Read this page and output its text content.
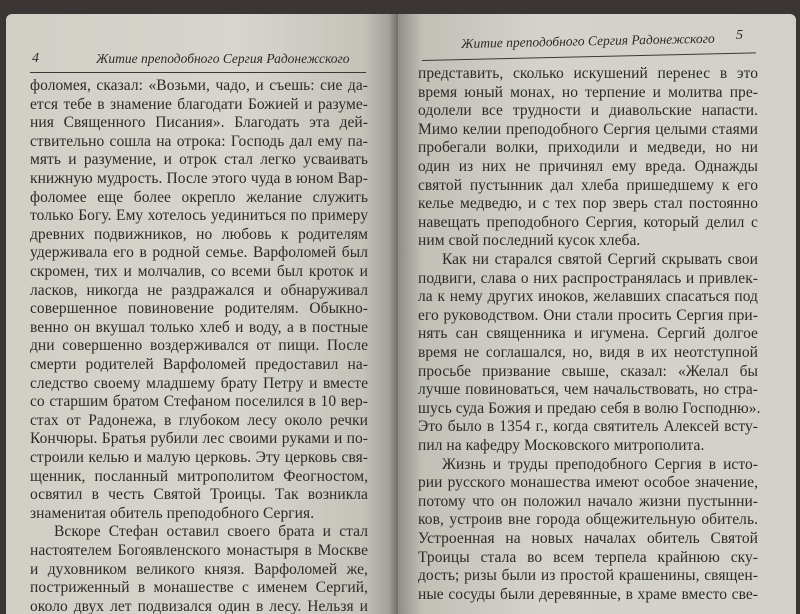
4	Житие преподобного Сергия Радонежского
фоломея, сказал: «Возьми, чадо, и съешь: сие да-
ется тебе в знамение благодати Божией и разуме-
ния Священного Писания». Благодать эта дей-
ствительно сошла на отрока: Господь дал ему па-
мять и разумение, и отрок стал легко усваивать
книжную мудрость. После этого чуда в юном Вар-
фоломее еще более окрепло желание служить
только Богу. Ему хотелось уединиться по примеру
древних подвижников, но любовь к родителям
удерживала его в родной семье. Варфоломей был
скромен, тих и молчалив, со всеми был кроток и
ласков, никогда не раздражался и обнаруживал
совершенное повиновение родителям. Обыкно-
венно он вкушал только хлеб и воду, а в постные
дни совершенно воздерживался от пищи. После
смерти родителей Варфоломей предоставил на-
следство своему младшему брату Петру и вместе
со старшим братом Стефаном поселился в 10 вер-
стах от Радонежа, в глубоком лесу около речки
Кончюры. Братья рубили лес своими руками и по-
строили келью и малую церковь. Эту церковь свя-
щенник, посланный митрополитом Феогностом,
освятил в честь Святой Троицы. Так возникла
знаменитая обитель преподобного Сергия.
Вскоре Стефан оставил своего брата и стал
настоятелем Богоявленского монастыря в Москве
и духовником великого князя. Варфоломей же,
постриженный в монашестве с именем Сергий,
около двух лет подвизался один в лесу. Нельзя и
Житие преподобного Сергия Радонежского 5
представить, сколько искушений перенес в это
время юный монах, но терпение и молитва пре-
одолели все трудности и диавольские напасти.
Мимо келии преподобного Сергия целыми стаями
пробегали волки, приходили и медведи, но ни
один из них не причинял ему вреда. Однажды
святой пустынник дал хлеба пришедшему к его
келье медведю, и с тех пор зверь стал постоянно
навещать преподобного Сергия, который делил с
ним свой последний кусок хлеба.
Как ни старался святой Сергий скрывать свои
подвиги, слава о них распространялась и привлек-
ла к нему других иноков, желавших спасаться под
его руководством. Они стали просить Сергия при-
нять сан священника и игумена. Сергий долгое
время не соглашался, но, видя в их неотступной
просьбе призвание свыше, сказал: «Желал бы
лучше повиноваться, чем начальствовать, но стра-
шусь суда Божия и предаю себя в волю Господню».
Это было в 1354 г., когда святитель Алексей всту-
пил на кафедру Московского митрополита.
Жизнь и труды преподобного Сергия в исто-
рии русского монашества имеют особое значение,
потому что он положил начало жизни пустынни-
ков, устроив вне города общежительную обитель.
Устроенная на новых началах обитель Святой
Троицы стала во всем терпела крайнюю ску-
дость; ризы были из простой крашенины, священ-
ные сосуды были деревянные, в храме вместо све-
